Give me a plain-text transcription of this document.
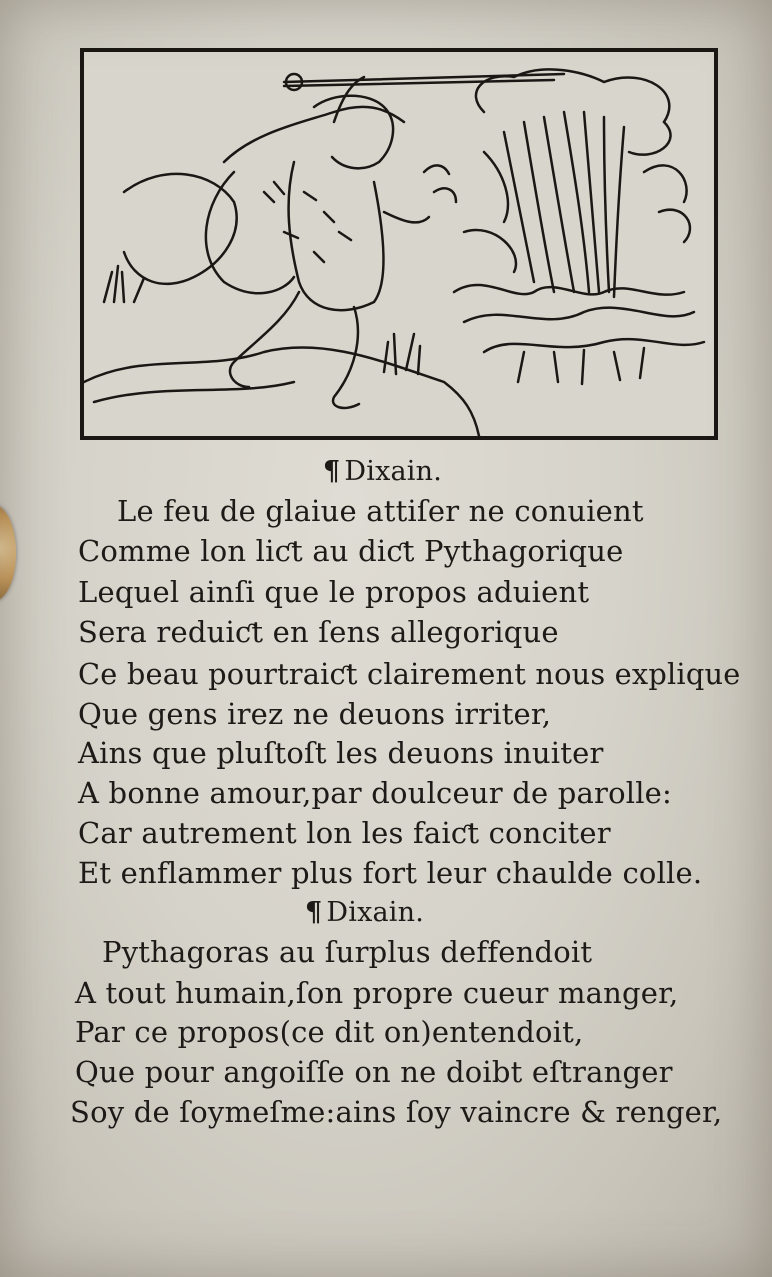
¶ Dixain.
Le feu de glaiue attiſer ne conuient
Comme lon liƈt au diƈt Pythagorique
Lequel ainſi que le propos aduient
Sera reduiƈt en ſens allegorique
Ce beau pourtraiƈt clairement nous explique
Que gens irez ne deuons irriter,
Ains que pluſtoſt les deuons inuiter
A bonne amour,par doulceur de parolle:
Car autrement lon les faiƈt conciter
Et enflammer plus fort leur chaulde colle.
¶ Dixain.
Pythagoras au ſurplus deffendoit
A tout humain,ſon propre cueur manger,
Par ce propos(ce dit on)entendoit,
Que pour angoiſſe on ne doibt eſtranger
Soy de ſoymeſme:ains ſoy vaincre & renger,
